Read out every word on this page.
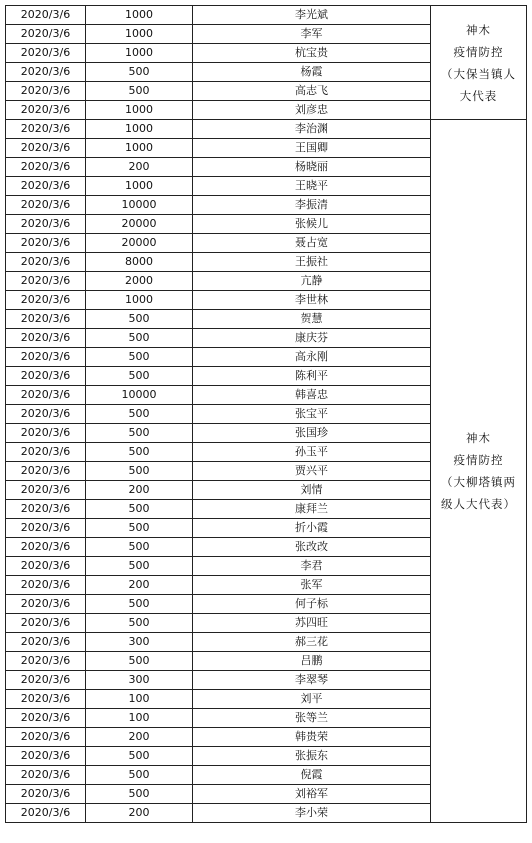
2020/3/6	1000	李光斌	神木
疫情防控
（大保当镇人
大代表

2020/3/6	1000	李军	
2020/3/6	1000	杭宝贵	
2020/3/6	500	杨霞	
2020/3/6	500	高志飞	
2020/3/6	1000	刘彦忠	
2020/3/6	1000	李治渊	神木
疫情防控
（大柳塔镇两
级人大代表）

2020/3/6	1000	王国卿	
2020/3/6	200	杨晓丽	
2020/3/6	1000	王晓平	
2020/3/6	10000	李振清	
2020/3/6	20000	张候儿	
2020/3/6	20000	聂占宽	
2020/3/6	8000	王振社	
2020/3/6	2000	亢静	
2020/3/6	1000	李世林	
2020/3/6	500	贺慧	
2020/3/6	500	康庆芬	
2020/3/6	500	高永刚	
2020/3/6	500	陈利平	
2020/3/6	10000	韩喜忠	
2020/3/6	500	张宝平	
2020/3/6	500	张国珍	
2020/3/6	500	孙玉平	
2020/3/6	500	贾兴平	
2020/3/6	200	刘情	
2020/3/6	500	康拜兰	
2020/3/6	500	折小霞	
2020/3/6	500	张改改	
2020/3/6	500	李君	
2020/3/6	200	张军	
2020/3/6	500	何子标	
2020/3/6	500	苏四旺	
2020/3/6	300	郝三花	
2020/3/6	500	吕鹏	
2020/3/6	300	李翠琴	
2020/3/6	100	刘平	
2020/3/6	100	张等兰	
2020/3/6	200	韩贵荣	
2020/3/6	500	张振东	
2020/3/6	500	倪霞	
2020/3/6	500	刘裕军	
2020/3/6	200	李小荣	
